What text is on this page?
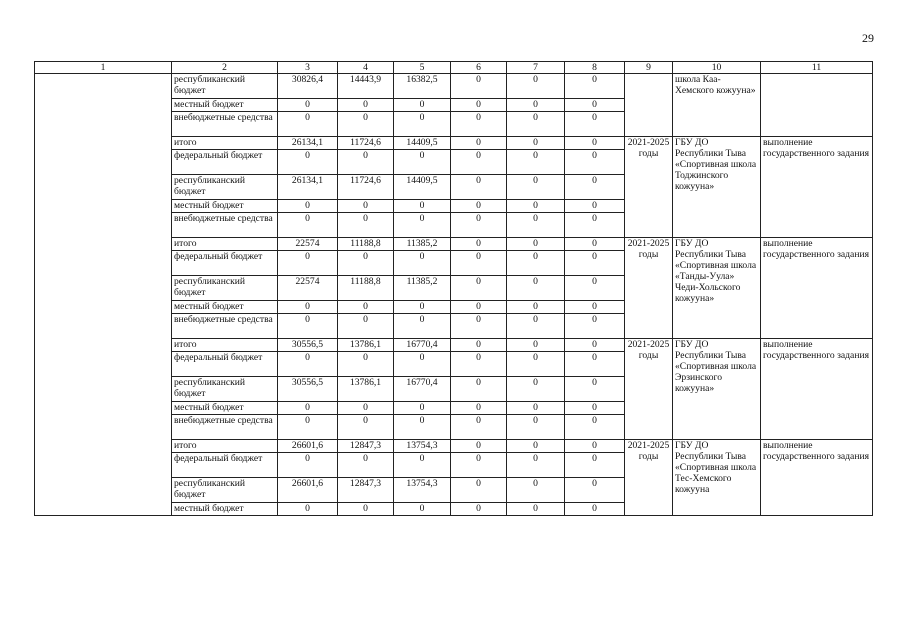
29
1	2	3	4	5	6	7	8	9	10	11
	республиканский бюджет	30826,4	14443,9	16382,5	0	0	0		школа Каа-Хемского кожууна»	
	местный бюджет	0	0	0	0	0	0			
	внебюджетные средства	0	0	0	0	0	0			
	итого	26134,1	11724,6	14409,5	0	0	0	2021-2025 годы	ГБУ ДО Республики Тыва «Спортивная школа Тоджинского кожууна»	выполнение государственного задания
	федеральный бюджет	0	0	0	0	0	0			
	республиканский бюджет	26134,1	11724,6	14409,5	0	0	0			
	местный бюджет	0	0	0	0	0	0			
	внебюджетные средства	0	0	0	0	0	0			
	итого	22574	11188,8	11385,2	0	0	0	2021-2025 годы	ГБУ ДО Республики Тыва «Спортивная школа «Танды-Уула» Чеди-Хольского кожууна»	выполнение государственного задания
	федеральный бюджет	0	0	0	0	0	0			
	республиканский бюджет	22574	11188,8	11385,2	0	0	0			
	местный бюджет	0	0	0	0	0	0			
	внебюджетные средства	0	0	0	0	0	0			
	итого	30556,5	13786,1	16770,4	0	0	0	2021-2025 годы	ГБУ ДО Республики Тыва «Спортивная школа Эрзинского кожууна»	выполнение государственного задания
	федеральный бюджет	0	0	0	0	0	0			
	республиканский бюджет	30556,5	13786,1	16770,4	0	0	0			
	местный бюджет	0	0	0	0	0	0			
	внебюджетные средства	0	0	0	0	0	0			
	итого	26601,6	12847,3	13754,3	0	0	0	2021-2025 годы	ГБУ ДО Республики Тыва «Спортивная школа Тес-Хемского кожууна	выполнение государственного задания
	федеральный бюджет	0	0	0	0	0	0			
	республиканский бюджет	26601,6	12847,3	13754,3	0	0	0			
	местный бюджет	0	0	0	0	0	0			
